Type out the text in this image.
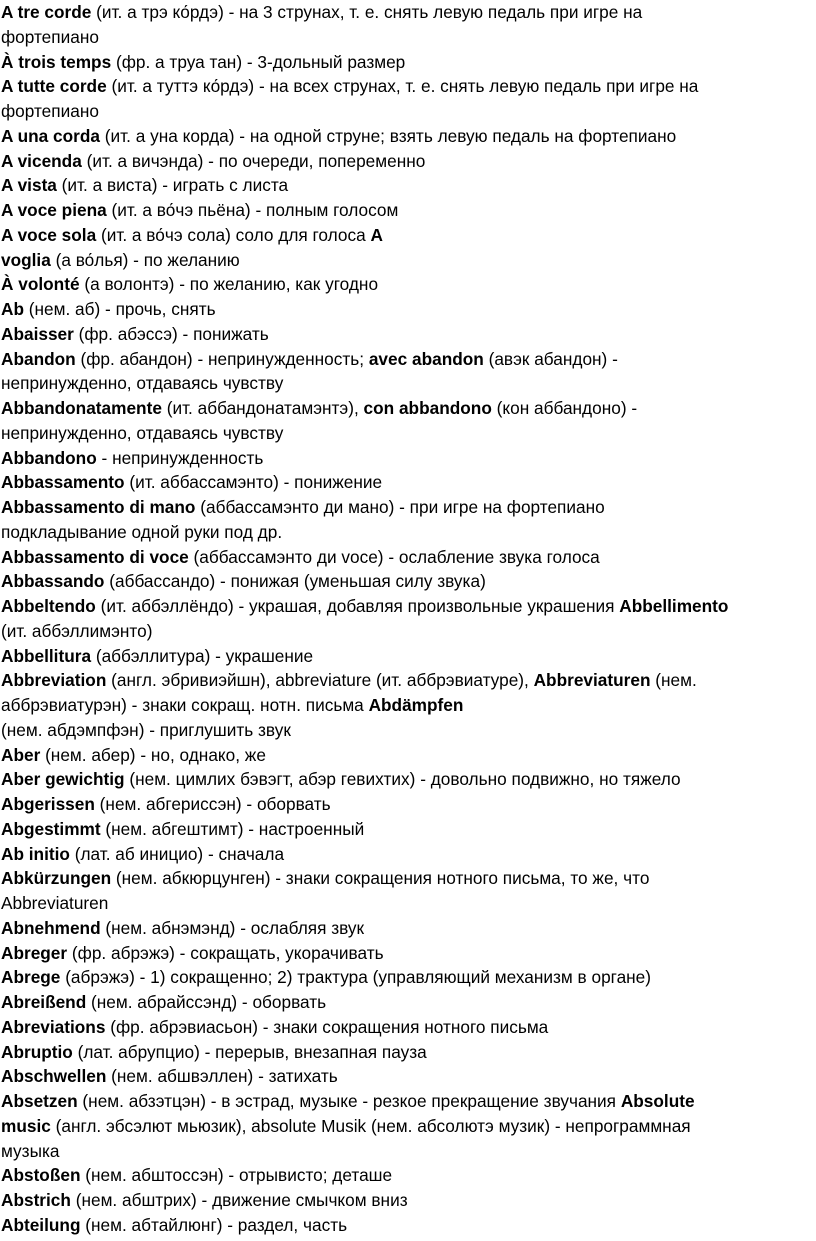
A tre corde (ит. а трэ ко́рдэ) - на 3 струнах, т. е. снять левую педаль при игре на
фортепиано
À trois temps (фр. а труа тан) - 3-дольный размер
A tutte corde (ит. а туттэ ко́рдэ) - на всех струнах, т. е. снять левую педаль при игре на
фортепиано
A una corda (ит. а уна корда) - на одной струне; взять левую педаль на фортепиано
A vicenda (ит. а вичэнда) - по очереди, попеременно
A vista (ит. а виста) - играть с листа
A voce piena (ит. а во́чэ пьёна) - полным голосом
A voce sola (ит. а во́чэ сола) соло для голоса A
voglia (а во́лья) - по желанию
À volonté (а волонтэ) - по желанию, как угодно
Ab (нем. аб) - прочь, снять
Abaisser (фр. абэссэ) - понижать
Abandon (фр. абандон) - непринужденность; avec abandon (авэк абандон) -
непринужденно, отдаваясь чувству
Abbandonatamente (ит. аббандонатамэнтэ), con abbandono (кон аббандоно) -
непринужденно, отдаваясь чувству
Abbandono - непринужденность
Abbassamento (ит. аббассамэнто) - понижение
Abbassamento di mano (аббассамэнто ди мано) - при игре на фортепиано
подкладывание одной руки под др.
Abbassamento di voce (аббассамэнто ди voce) - ослабление звука голоса
Abbassando (аббассандо) - понижая (уменьшая силу звука)
Abbeltendo (ит. аббэллёндо) - украшая, добавляя произвольные украшения Abbellimento
(ит. аббэллимэнто)
Abbellitura (аббэллитура) - украшение
Abbreviation (англ. эбривиэйшн), abbreviature (ит. аббрэвиатуре), Abbreviaturen (нем.
аббрэвиатурэн) - знаки сокращ. нотн. письма Abdämpfen
(нем. абдэмпфэн) - приглушить звук
Aber (нем. абер) - но, однако, же
Aber gewichtig (нем. цимлих бэвэгт, абэр гевихтих) - довольно подвижно, но тяжело
Abgerissen (нем. абгериссэн) - оборвать
Abgestimmt (нем. абгештимт) - настроенный
Ab initio (лат. аб иницио) - сначала
Abkürzungen (нем. абкюрцунген) - знаки сокращения нотного письма, то же, что
Abbreviaturen
Abnehmend (нем. абнэмэнд) - ослабляя звук
Abreger (фр. абрэжэ) - сокращать, укорачивать
Abrege (абрэжэ) - 1) сокращенно; 2) трактура (управляющий механизм в органе)
Abreißend (нем. абрайссэнд) - оборвать
Abreviations (фр. абрэвиасьон) - знаки сокращения нотного письма
Abruptio (лат. абрупцио) - перерыв, внезапная пауза
Abschwellen (нем. абшвэллен) - затихать
Absetzen (нем. абзэтцэн) - в эстрад, музыке - резкое прекращение звучания Absolute
music (англ. эбсэлют мьюзик), absolute Musik (нем. абсолютэ музик) - непрограммная
музыка
Abstoßen (нем. абштоссэн) - отрывисто; деташе
Abstrich (нем. абштрих) - движение смычком вниз
Abteilung (нем. абтайлюнг) - раздел, часть
